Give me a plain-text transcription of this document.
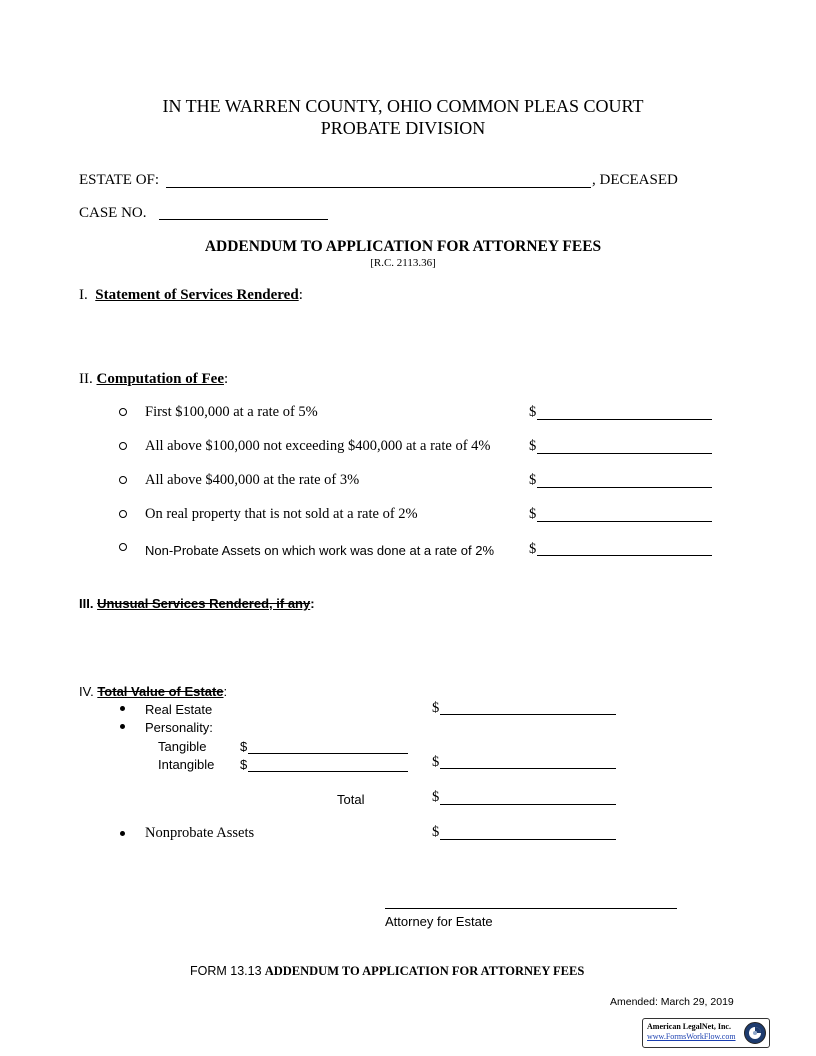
IN THE WARREN COUNTY, OHIO COMMON PLEAS COURT
PROBATE DIVISION
ESTATE OF:	, DECEASED
CASE NO.
ADDENDUM TO APPLICATION FOR ATTORNEY FEES
[R.C. 2113.36]
I. Statement of Services Rendered:
II. Computation of Fee:
First $100,000 at a rate of 5%	$
All above $100,000 not exceeding $400,000 at a rate of 4%	$
All above $400,000 at the rate of 3%	$
On real property that is not sold at a rate of 2%	$
Non-Probate Assets on which work was done at a rate of 2% $
III. Unusual Services Rendered, if any:
IV. Total Value of Estate:
Real Estate	$
Personality:
Tangible	$
Intangible $	$
Total	$
Nonprobate Assets	$
Attorney for Estate
FORM 13.13 ADDENDUM TO APPLICATION FOR ATTORNEY FEES
Amended: March 29, 2019
American LegalNet, Inc.
www.FormsWorkFlow.com
